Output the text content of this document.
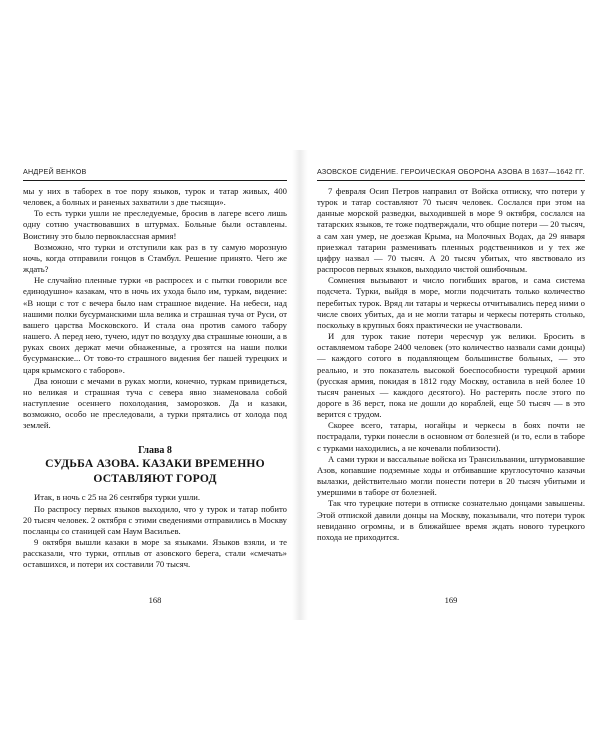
АНДРЕЙ ВЕНКОВ

мы у них в таборех в тое пору языков, турок и татар живых, 400 человек, а болных и раненых захватили з две тысящи».

То есть турки ушли не преследуемые, бросив в лагере всего лишь одну сотню участвовавших в штурмах. Больные были оставлены. Воистину это было первоклассная армия!

Возможно, что турки и отступили как раз в ту самую морозную ночь, когда отправили гонцов в Стамбул. Решение принято. Чего же ждать?

Не случайно пленные турки «в распросех и с пытки говорили все единодушно» казакам, что в ночь их ухода было им, туркам, видение: «В нощи с тот с вечера было нам страшное видение. На небеси, над нашими полки бусурманскими шла велика и страшная туча от Руси, от вашего царства Московского. И стала она против самого табору нашего. А перед нею, тучею, идут по воздуху два страшные юноши, а в руках своих держат мечи обнаженные, а грозятся на наши полки бусурманские... От тово-то страшного видения бег пашей турецких и царя крымского с таборов».

Два юноши с мечами в руках могли, конечно, туркам привидеться, но великая и страшная туча с севера явно знаменовала собой наступление осеннего похолодания, заморозков. Да и казаки, возможно, особо не преследовали, а турки прятались от холода под землей.

Глава 8
СУДЬБА АЗОВА. КАЗАКИ ВРЕМЕННО
ОСТАВЛЯЮТ ГОРОД

Итак, в ночь с 25 на 26 сентября турки ушли.

По распросу первых языков выходило, что у турок и татар побито 20 тысяч человек. 2 октября с этими сведениями отправились в Москву посланцы со станицей сам Наум Васильев.

9 октября вышли казаки в море за языками. Языков взяли, и те рассказали, что турки, отплыв от азовского берега, стали «смечать» оставшихся, и потери их составили 70 тысяч.

168
АЗОВСКОЕ СИДЕНИЕ. ГЕРОИЧЕСКАЯ ОБОРОНА АЗОВА В 1637—1642 ГГ.

7 февраля Осип Петров направил от Войска отписку, что потери у турок и татар составляют 70 тысяч человек. Сослался при этом на данные морской разведки, выходившей в море 9 октября, сослался на татарских языков, те тоже подтверждали, что общие потери — 20 тысяч, а сам хан умер, не доезжая Крыма, на Молочных Водах, да 29 января приезжал татарин разменивать пленных родственников и у тех же цифру назвал — 70 тысяч. А 20 тысяч убитых, что явствовало из распросов первых языков, выходило чистой ошибочным.

Сомнения вызывают и число погибших врагов, и сама система подсчета. Турки, выйдя в море, могли подсчитать только количество перебитых турок. Вряд ли татары и черкесы отчитывались перед ними о числе своих убитых, да и не могли татары и черкесы потерять столько, поскольку в крупных боях практически не участвовали.

И для турок такие потери чересчур уж велики. Бросить в оставляемом таборе 2400 человек (это количество назвали сами донцы) — каждого сотого в подавляющем большинстве больных, — это реально, и это показатель высокой боеспособности турецкой армии (русская армия, покидая в 1812 году Москву, оставила в ней более 10 тысяч раненых — каждого десятого). Но растерять после этого по дороге в 36 верст, пока не дошли до кораблей, еще 50 тысяч — в это верится с трудом.

Скорее всего, татары, ногайцы и черкесы в боях почти не пострадали, турки понесли в основном от болезней (и то, если в таборе с турками находились, а не кочевали поблизости).

А сами турки и вассальные войска из Трансильвании, штурмовавшие Азов, копавшие подземные ходы и отбивавшие круглосуточно казачьи вылазки, действительно могли понести потери в 20 тысяч убитыми и умершими в таборе от болезней.

Так что турецкие потери в отписке сознательно донцами завышены. Этой отпиской давили донцы на Москву, показывали, что потери турок невиданно огромны, и в ближайшее время ждать нового турецкого похода не приходится.

169
